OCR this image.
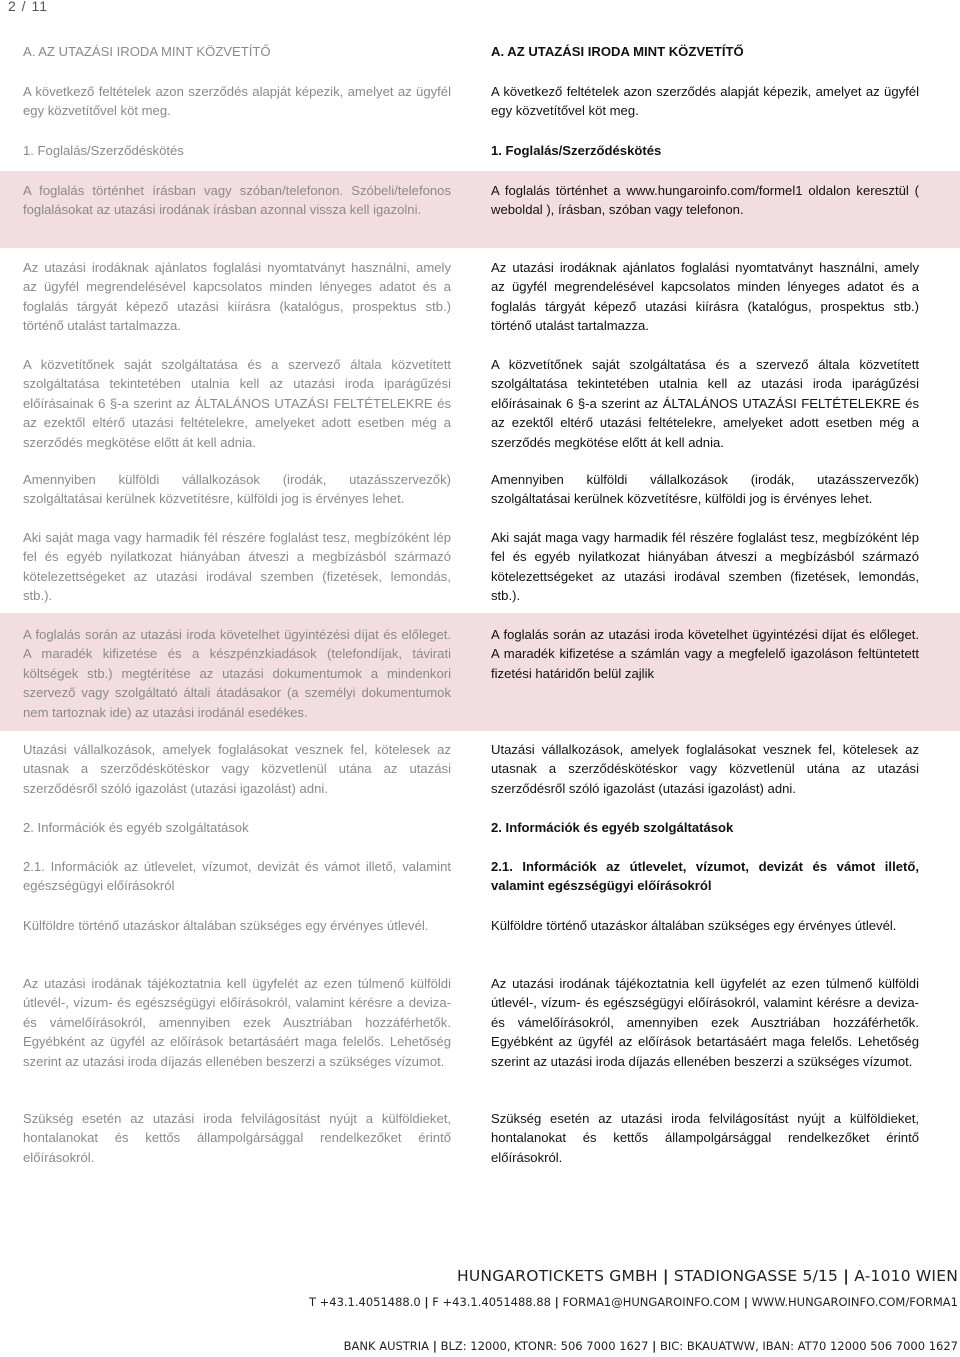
2 / 11

A. AZ UTAZÁSI IRODA MINT KÖZVETÍTŐ

A következő feltételek azon szerződés alapját képezik, amelyet az ügyfél egy közvetítővel köt meg.

1. Foglalás/Szerződéskötés

A foglalás történhet írásban vagy szóban/telefonon. Szóbeli/telefonos foglalásokat az utazási irodának írásban azonnal vissza kell igazolni.

Az utazási irodáknak ajánlatos foglalási nyomtatványt használni, amely az ügyfél megrendelésével kapcsolatos minden lényeges adatot és a foglalás tárgyát képező utazási kiírásra (katalógus, prospektus stb.) történő utalást tartalmazza.

A közvetítőnek saját szolgáltatása és a szervező általa közvetített szolgáltatása tekintetében utalnia kell az utazási iroda iparágűzési előírásainak 6 §-a szerint az ÁLTALÁNOS UTAZÁSI FELTÉTELEKRE és az ezektől eltérő utazási feltételekre, amelyeket adott esetben még a szerződés megkötése előtt át kell adnia.

Amennyiben külföldi vállalkozások (irodák, utazásszervezők) szolgáltatásai kerülnek közvetítésre, külföldi jog is érvényes lehet.

Aki saját maga vagy harmadik fél részére foglalást tesz, megbízóként lép fel és egyéb nyilatkozat hiányában átveszi a megbízásból származó kötelezettségeket az utazási irodával szemben (fizetések, lemondás, stb.).

A foglalás során az utazási iroda követelhet ügyintézési díjat és előleget. A maradék kifizetése és a készpénzkiadások (telefondíjak, távirati költségek stb.) megtérítése az utazási dokumentumok a mindenkori szervező vagy szolgáltató általi átadásakor (a személyi dokumentumok nem tartoznak ide) az utazási irodánál esedékes.

Utazási vállalkozások, amelyek foglalásokat vesznek fel, kötelesek az utasnak a szerződéskötéskor vagy közvetlenül utána az utazási szerződésről szóló igazolást (utazási igazolást) adni.

2. Információk és egyéb szolgáltatások

2.1. Információk az útlevelet, vízumot, devizát és vámot illető, valamint egészségügyi előírásokról

Külföldre történő utazáskor általában szükséges egy érvényes útlevél.

Az utazási irodának tájékoztatnia kell ügyfelét az ezen túlmenő külföldi útlevél-, vízum- és egészségügyi előírásokról, valamint kérésre a deviza- és vámelőírásokról, amennyiben ezek Ausztriában hozzáférhetők. Egyébként az ügyfél az előírások betartásáért maga felelős. Lehetőség szerint az utazási iroda díjazás ellenében beszerzi a szükséges vízumot.

Szükség esetén az utazási iroda felvilágosítást nyújt a külföldieket, hontalanokat és kettős állampolgársággal rendelkezőket érintő előírásokról.

A. AZ UTAZÁSI IRODA MINT KÖZVETÍTŐ

A következő feltételek azon szerződés alapját képezik, amelyet az ügyfél egy közvetítővel köt meg.

1. Foglalás/Szerződéskötés

A foglalás történhet a www.hungaroinfo.com/formel1 oldalon keresztül ( weboldal ), írásban, szóban vagy telefonon.

Az utazási irodáknak ajánlatos foglalási nyomtatványt használni, amely az ügyfél megrendelésével kapcsolatos minden lényeges adatot és a foglalás tárgyát képező utazási kiírásra (katalógus, prospektus stb.) történő utalást tartalmazza.

A közvetítőnek saját szolgáltatása és a szervező általa közvetített szolgáltatása tekintetében utalnia kell az utazási iroda iparágűzési előírásainak 6 §-a szerint az ÁLTALÁNOS UTAZÁSI FELTÉTELEKRE és az ezektől eltérő utazási feltételekre, amelyeket adott esetben még a szerződés megkötése előtt át kell adnia.

Amennyiben külföldi vállalkozások (irodák, utazásszervezők) szolgáltatásai kerülnek közvetítésre, külföldi jog is érvényes lehet.

Aki saját maga vagy harmadik fél részére foglalást tesz, megbízóként lép fel és egyéb nyilatkozat hiányában átveszi a megbízásból származó kötelezettségeket az utazási irodával szemben (fizetések, lemondás, stb.).

A foglalás során az utazási iroda követelhet ügyintézési díjat és előleget. A maradék kifizetése a számlán vagy a megfelelő igazoláson feltüntetett fizetési határidőn belül zajlik

Utazási vállalkozások, amelyek foglalásokat vesznek fel, kötelesek az utasnak a szerződéskötéskor vagy közvetlenül utána az utazási szerződésről szóló igazolást (utazási igazolást) adni.

2. Információk és egyéb szolgáltatások

2.1. Információk az útlevelet, vízumot, devizát és vámot illető, valamint egészségügyi előírásokról

Külföldre történő utazáskor általában szükséges egy érvényes útlevél.

Az utazási irodának tájékoztatnia kell ügyfelét az ezen túlmenő külföldi útlevél-, vízum- és egészségügyi előírásokról, valamint kérésre a deviza- és vámelőírásokról, amennyiben ezek Ausztriában hozzáférhetők. Egyébként az ügyfél az előírások betartásáért maga felelős. Lehetőség szerint az utazási iroda díjazás ellenében beszerzi a szükséges vízumot.

Szükség esetén az utazási iroda felvilágosítást nyújt a külföldieket, hontalanokat és kettős állampolgársággal rendelkezőket érintő előírásokról.

HUNGAROTICKETS GMBH | STADIONGASSE 5/15 | A-1010 WIEN
T +43.1.4051488.0 | F +43.1.4051488.88 | FORMA1@HUNGAROINFO.COM | WWW.HUNGAROINFO.COM/FORMA1
BANK AUSTRIA | BLZ: 12000, KTONR: 506 7000 1627 | BIC: BKAUATWW, IBAN: AT70 12000 506 7000 1627
